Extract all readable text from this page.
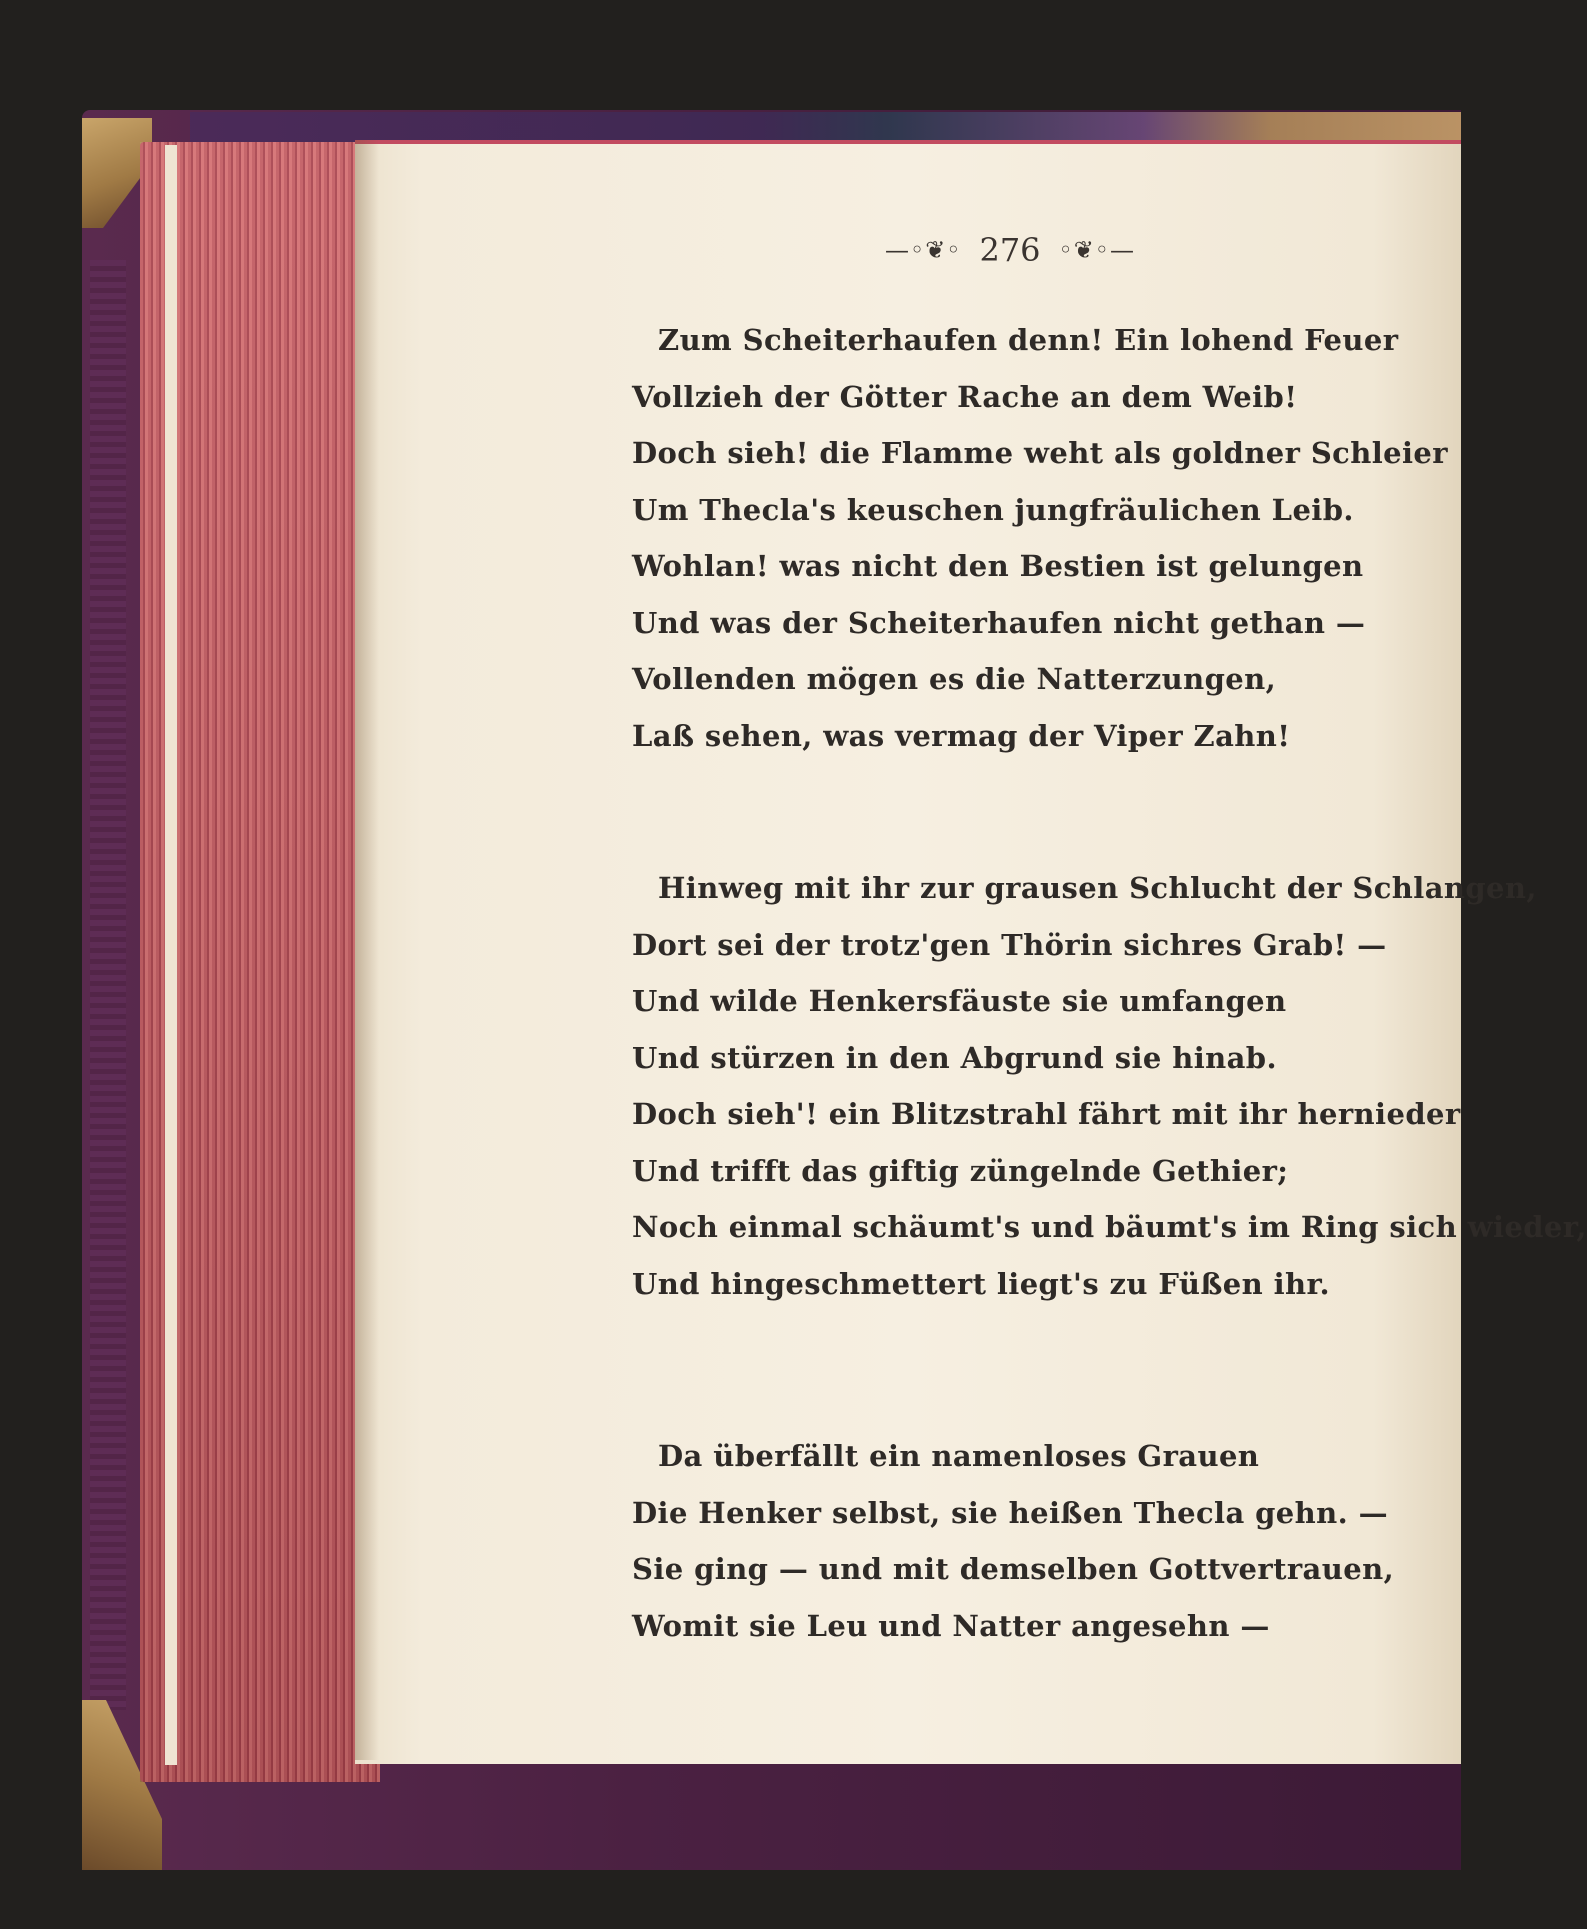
—◦❦◦ 276 ◦❦◦—
Zum Scheiterhaufen denn! Ein lohend Feuer
Vollzieh der Götter Rache an dem Weib!
Doch sieh! die Flamme weht als goldner Schleier
Um Thecla's keuschen jungfräulichen Leib.
Wohlan! was nicht den Bestien ist gelungen
Und was der Scheiterhaufen nicht gethan —
Vollenden mögen es die Natterzungen,
Laß sehen, was vermag der Viper Zahn!
Hinweg mit ihr zur grausen Schlucht der Schlangen,
Dort sei der trotz'gen Thörin sichres Grab! —
Und wilde Henkersfäuste sie umfangen
Und stürzen in den Abgrund sie hinab.
Doch sieh'! ein Blitzstrahl fährt mit ihr hernieder
Und trifft das giftig züngelnde Gethier;
Noch einmal schäumt's und bäumt's im Ring sich wieder,
Und hingeschmettert liegt's zu Füßen ihr.
Da überfällt ein namenloses Grauen
Die Henker selbst, sie heißen Thecla gehn. —
Sie ging — und mit demselben Gottvertrauen,
Womit sie Leu und Natter angesehn —
